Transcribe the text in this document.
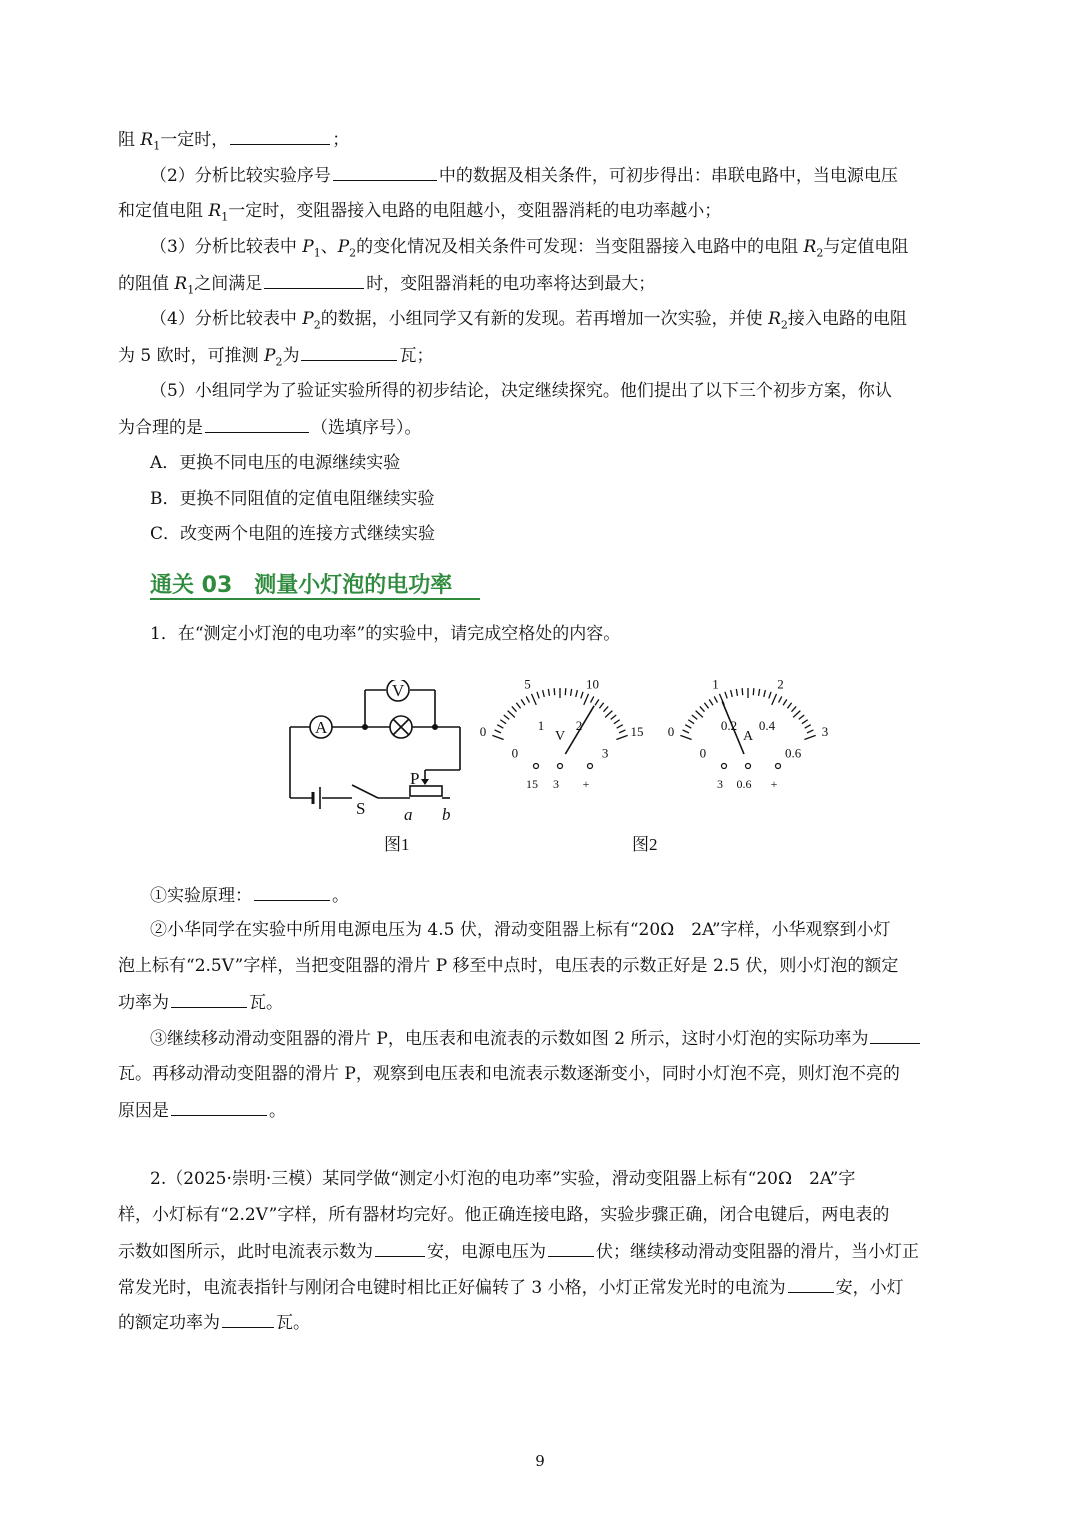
阻 $R_1$一定时，	；
（2）分析比较实验序号	中的数据及相关条件，可初步得出：串联电路中，当电源电压
和定值电阻 $R_1$一定时，变阻器接入电路的电阻越小，变阻器消耗的电功率越小；
（3）分析比较表中 $P_1$、$P_2$的变化情况及相关条件可发现：当变阻器接入电路中的电阻 $R_2$与定值电阻
的阻值 $R_1$之间满足	时，变阻器消耗的电功率将达到最大；
（4）分析比较表中 $P_2$的数据，小组同学又有新的发现。若再增加一次实验，并使 $R_2$接入电路的电阻
为 5 欧时，可推测 $P_2$为	瓦；
（5）小组同学为了验证实验所得的初步结论，决定继续探究。他们提出了以下三个初步方案，你认
为合理的是	（选填序号）。
A．更换不同电压的电源继续实验
B．更换不同阻值的定值电阻继续实验
C．改变两个电阻的连接方式继续实验
通关 03　测量小灯泡的电功率
1．在“测定小灯泡的电功率”的实验中，请完成空格处的内容。
A
V
S
P
a b
图1	图2
0
0
5
1
10
2	15
3
V
15 3 +
0
0
1
0.2
2
0.4	3
0.6
A
3 0.6 +
①实验原理：	。
②小华同学在实验中所用电源电压为 4.5 伏，滑动变阻器上标有“20Ω　2A”字样，小华观察到小灯
泡上标有“2.5V”字样，当把变阻器的滑片 P 移至中点时，电压表的示数正好是 2.5 伏，则小灯泡的额定
功率为	瓦。
③继续移动滑动变阻器的滑片 P，电压表和电流表的示数如图 2 所示，这时小灯泡的实际功率为
瓦。再移动滑动变阻器的滑片 P，观察到电压表和电流表示数逐渐变小，同时小灯泡不亮，则灯泡不亮的
原因是	。
2.（2025·崇明·三模）某同学做“测定小灯泡的电功率”实验，滑动变阻器上标有“20Ω　2A”字
样，小灯标有“2.2V”字样，所有器材均完好。他正确连接电路，实验步骤正确，闭合电键后，两电表的
示数如图所示，此时电流表示数为	安，电源电压为	伏；继续移动滑动变阻器的滑片，当小灯正
常发光时，电流表指针与刚闭合电键时相比正好偏转了 3 小格，小灯正常发光时的电流为	安，小灯
的额定功率为	瓦。
9
